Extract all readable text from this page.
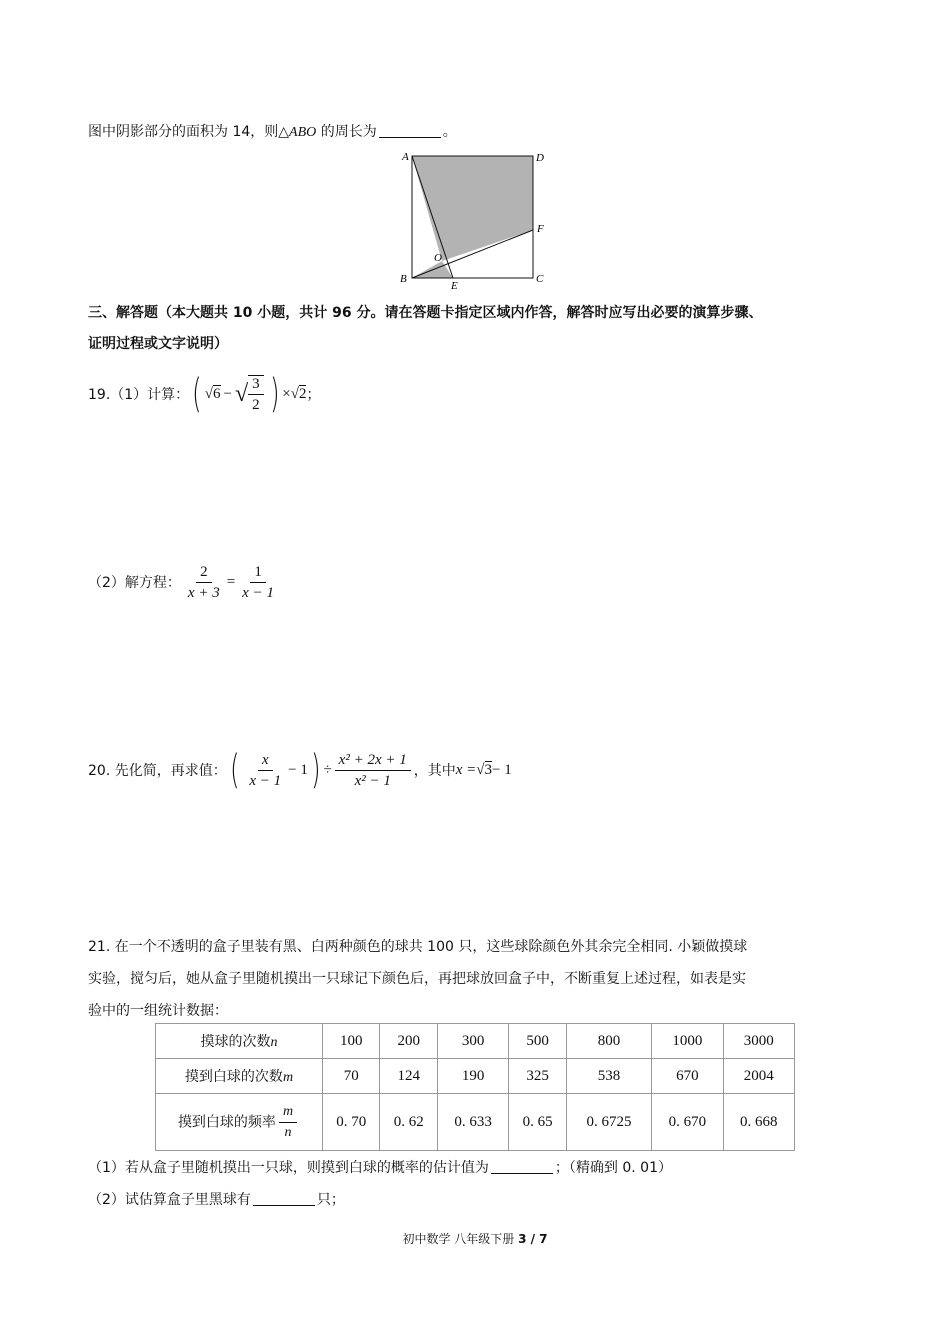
图中阴影部分的面积为 14，则△ABO 的周长为	。
A	D
F
O
B
E
C
三、解答题（本大题共 10 小题，共计 96 分。请在答题卡指定区域内作答，解答时应写出必要的演算步骤、
证明过程或文字说明）
19.（1）计算： ( √6 − √ $\frac{3}{2}$ ) × √2 ；
（2）解方程： $\frac{2}{x + 3} = \frac{1}{x - 1}$
20. 先化简，再求值： ( $\frac{x}{x - 1} - 1$ ) ÷ $\frac{\text{x² + 2x + 1}}{\text{x² − 1}}$ ，其中 x = √3 − 1
21. 在一个不透明的盒子里装有黑、白两种颜色的球共 100 只，这些球除颜色外其余完全相同. 小颖做摸球
实验，搅匀后，她从盒子里随机摸出一只球记下颜色后，再把球放回盒子中，不断重复上述过程，如表是实
验中的一组统计数据：
摸球的次数n	100	200	300	500	800	1000	3000
摸到白球的次数m	70	124	190	325	538	670	2004
摸到白球的频率 $\frac{m}{n}$	0. 70	0. 62	0. 633	0. 65	0. 6725	0. 670	0. 668
（1）若从盒子里随机摸出一只球，则摸到白球的概率的估计值为	；（精确到 0. 01）
（2）试估算盒子里黑球有	只；
初中数学 八年级下册 3 / 7
